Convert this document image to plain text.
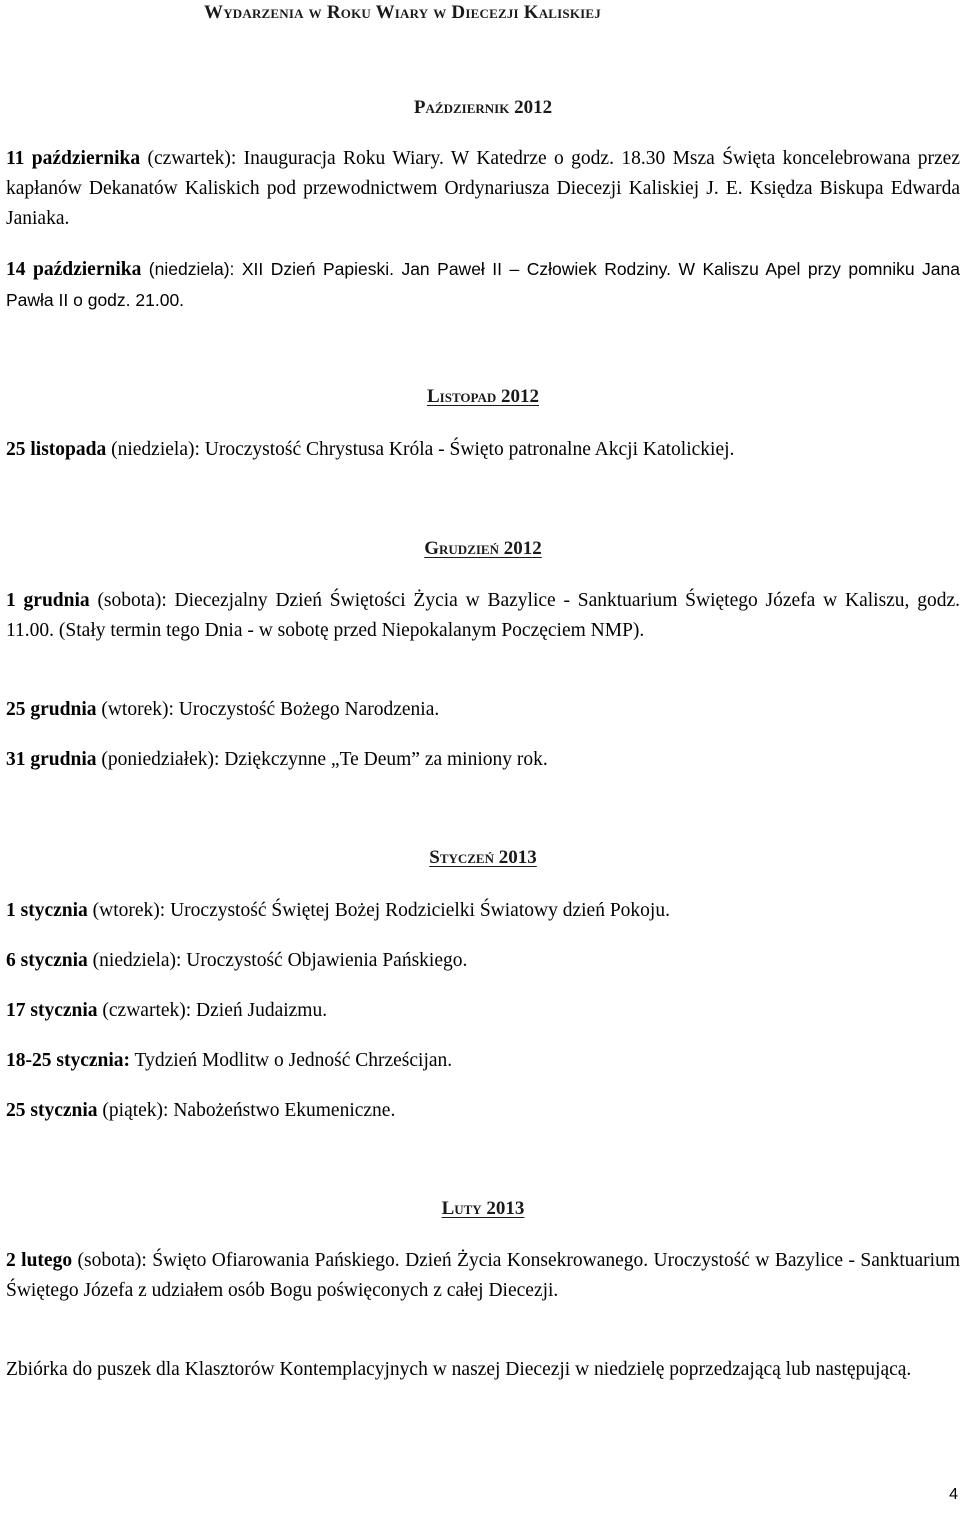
Wydarzenia w Roku Wiary w Diecezji Kaliskiej
Październik 2012
11 października (czwartek): Inauguracja Roku Wiary. W Katedrze o godz. 18.30 Msza Święta koncelebrowana przez kapłanów Dekanatów Kaliskich pod przewodnictwem Ordynariusza Diecezji Kaliskiej J. E. Księdza Biskupa Edwarda Janiaka.
14 października (niedziela): XII Dzień Papieski. Jan Paweł II – Człowiek Rodziny. W Kaliszu Apel przy pomniku Jana Pawła II o godz. 21.00.
Listopad 2012
25 listopada (niedziela): Uroczystość Chrystusa Króla - Święto patronalne Akcji Katolickiej.
Grudzień 2012
1 grudnia (sobota): Diecezjalny Dzień Świętości Życia w Bazylice - Sanktuarium Świętego Józefa w Kaliszu, godz. 11.00. (Stały termin tego Dnia - w sobotę przed Niepokalanym Poczęciem NMP).
25 grudnia (wtorek): Uroczystość Bożego Narodzenia.
31 grudnia (poniedziałek): Dziękczynne „Te Deum” za miniony rok.
Styczeń 2013
1 stycznia (wtorek): Uroczystość Świętej Bożej Rodzicielki Światowy dzień Pokoju.
6 stycznia (niedziela): Uroczystość Objawienia Pańskiego.
17 stycznia (czwartek): Dzień Judaizmu.
18-25 stycznia: Tydzień Modlitw o Jedność Chrześcijan.
25 stycznia (piątek): Nabożeństwo Ekumeniczne.
Luty 2013
2 lutego (sobota): Święto Ofiarowania Pańskiego. Dzień Życia Konsekrowanego. Uroczystość w Bazylice - Sanktuarium Świętego Józefa z udziałem osób Bogu poświęconych z całej Diecezji.
Zbiórka do puszek dla Klasztorów Kontemplacyjnych w naszej Diecezji w niedzielę poprzedzającą lub następującą.
4
